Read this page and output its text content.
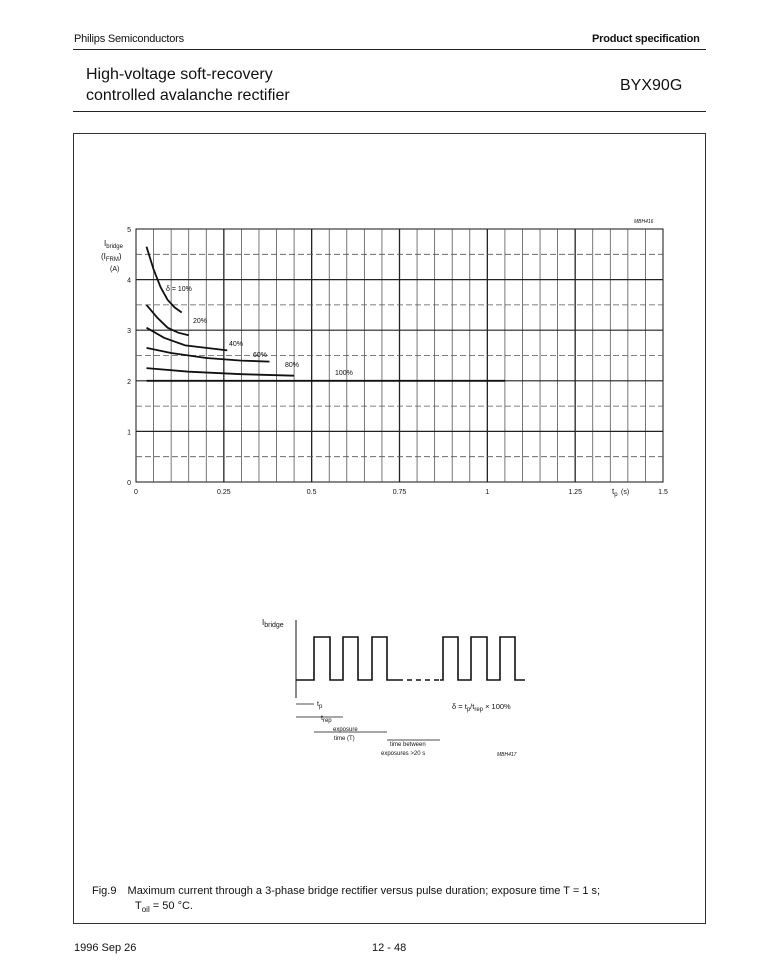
Philips Semiconductors	Product specification
High-voltage soft-recovery
controlled avalanche rectifier
BYX90G
0	0.25	0.5	0.75	1	1.25	1.5
0
1
2
3
4
5
MBH416
$I_{bridge}$
$(I_{FRM})$
(A)
$t_p$ (s)
δ = 10%
20%
40%
60%
80%
100%
Ibridge
tp
trep
exposure
time (T)
time between
exposures >20 s
$\delta = t_p/t_{rep} \times 100\%$
MBH417
Fig.9 Maximum current through a 3-phase bridge rectifier versus pulse duration; exposure time T = 1 s;
$T_{oil} = 50$ °C.
1996 Sep 26	12 - 48
